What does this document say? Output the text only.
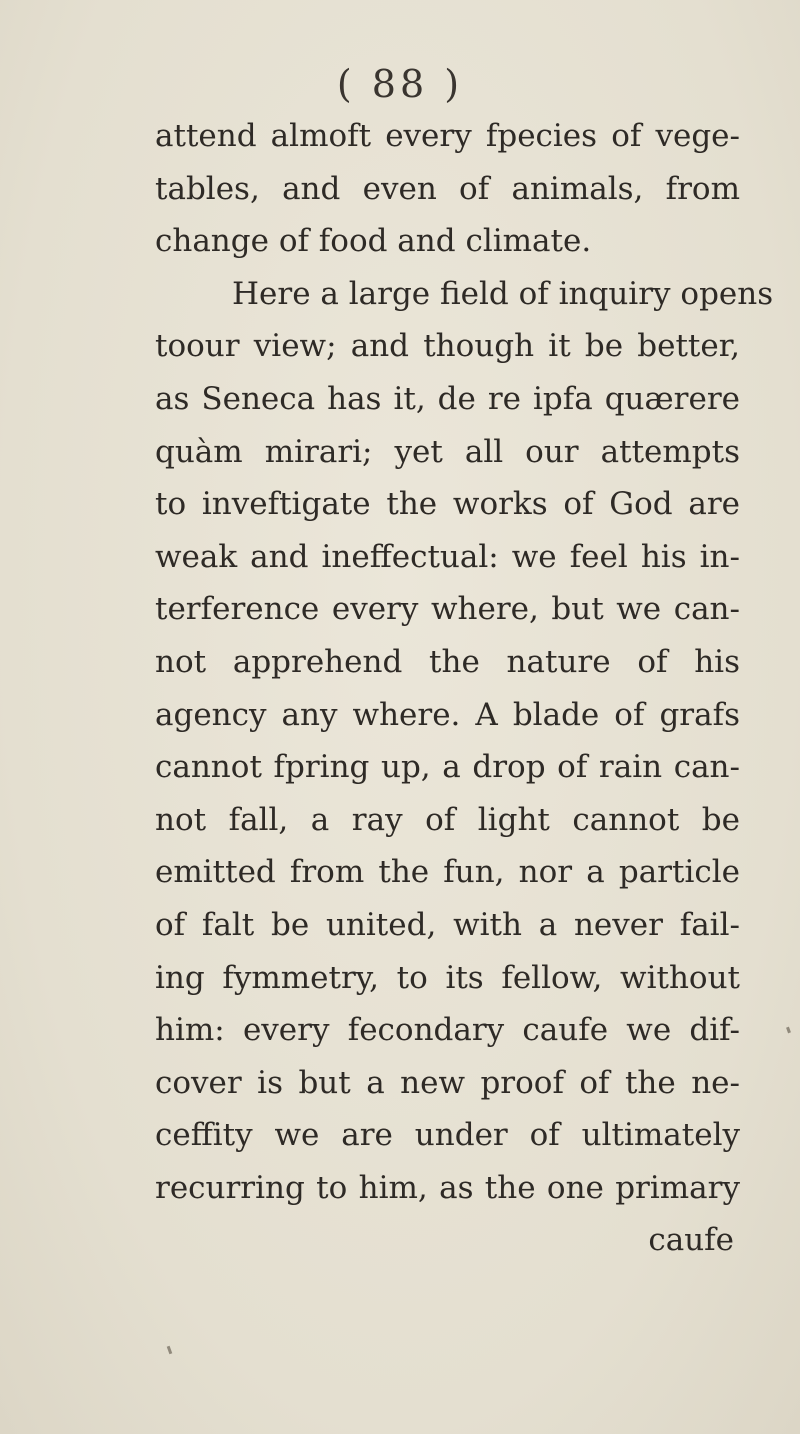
( 88 )
attend almoft every fpecies of vege-
tables, and even of animals, from
change of food and climate.
Here a large field of inquiry opens
toour view; and though it be better,
as Seneca has it, de re ipfa quærere
quàm mirari; yet all our attempts
to inveftigate the works of God are
weak and ineffectual: we feel his in-
terference every where, but we can-
not apprehend the nature of his
agency any where. A blade of grafs
cannot fpring up, a drop of rain can-
not fall, a ray of light cannot be
emitted from the fun, nor a particle
of falt be united, with a never fail-
ing fymmetry, to its fellow, without
him: every fecondary caufe we dif-
cover is but a new proof of the ne-
ceffity we are under of ultimately
recurring to him, as the one primary
caufe
